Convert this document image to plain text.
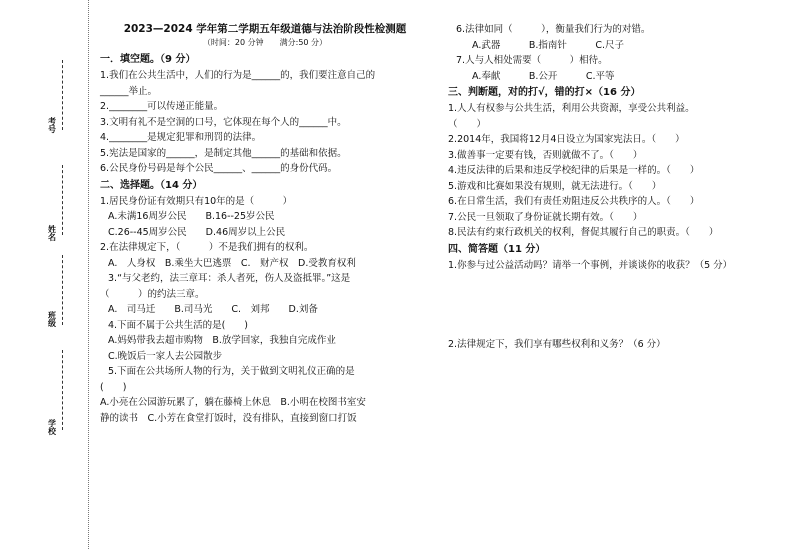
考号
姓名
班级
学校
2023—2024 学年第二学期五年级道德与法治阶段性检测题
（时间：20 分钟　　满分:50 分）
一．填空题。（9 分）
1.我们在公共生活中，人们的行为是______的，我们要注意自己的
______举止。
2.________可以传递正能量。
3.文明有礼不是空洞的口号，它体现在每个人的______中。
4.________是规定犯罪和刑罚的法律。
5.宪法是国家的______，是制定其他______的基础和依据。
6.公民身份号码是每个公民______、______的身份代码。
二、选择题。（14 分）
1.居民身份证有效期只有10年的是（　　　）
A.未满16周岁公民　　B.16--25岁公民
C.26--45周岁公民　　D.46周岁以上公民
2.在法律规定下，（　　　）不是我们拥有的权利。
A.　人身权　B.乘坐大巴逃票　C.　财产权　D.受教育权利
3.“与父老约，法三章耳：杀人者死，伤人及盗抵罪。”这是
（　　　）的约法三章。
A.　司马迁　　B.司马光　　C.　刘邦　　D.刘备
4.下面不属于公共生活的是(　　)
A.妈妈带我去超市购物　B.放学回家，我独自完成作业
C.晚饭后一家人去公园散步
5.下面在公共场所人物的行为，关于做到文明礼仪正确的是
(　　)
A.小亮在公园游玩累了，躺在藤椅上休息　B.小明在校图书室安
静的读书　C.小芳在食堂打饭时，没有排队，直接到窗口打饭
6.法律如同（　　　），衡量我们行为的对错。
A.武器　　　B.指南针　　　C.尺子
7.人与人相处需要（　　　）相待。
A.奉献　　　B.公开　　　C.平等
三、判断题，对的打√，错的打×（16 分）
1.人人有权参与公共生活，利用公共资源，享受公共利益。
（　　）
2.2014年，我国将12月4日设立为国家宪法日。（　　）
3.做善事一定要有钱，否则就做不了。（　　）
4.违反法律的后果和违反学校纪律的后果是一样的。（　　）
5.游戏和比赛如果没有规则，就无法进行。（　　）
6.在日常生活，我们有责任劝阻违反公共秩序的人。（　　）
7.公民一旦领取了身份证就长期有效。（　　）
8.民法有约束行政机关的权利，督促其履行自己的职责。（　　）
四、简答题（11 分）
1.你参与过公益活动吗？请举一个事例，并谈谈你的收获？（5 分）
2.法律规定下，我们享有哪些权利和义务？（6 分）
